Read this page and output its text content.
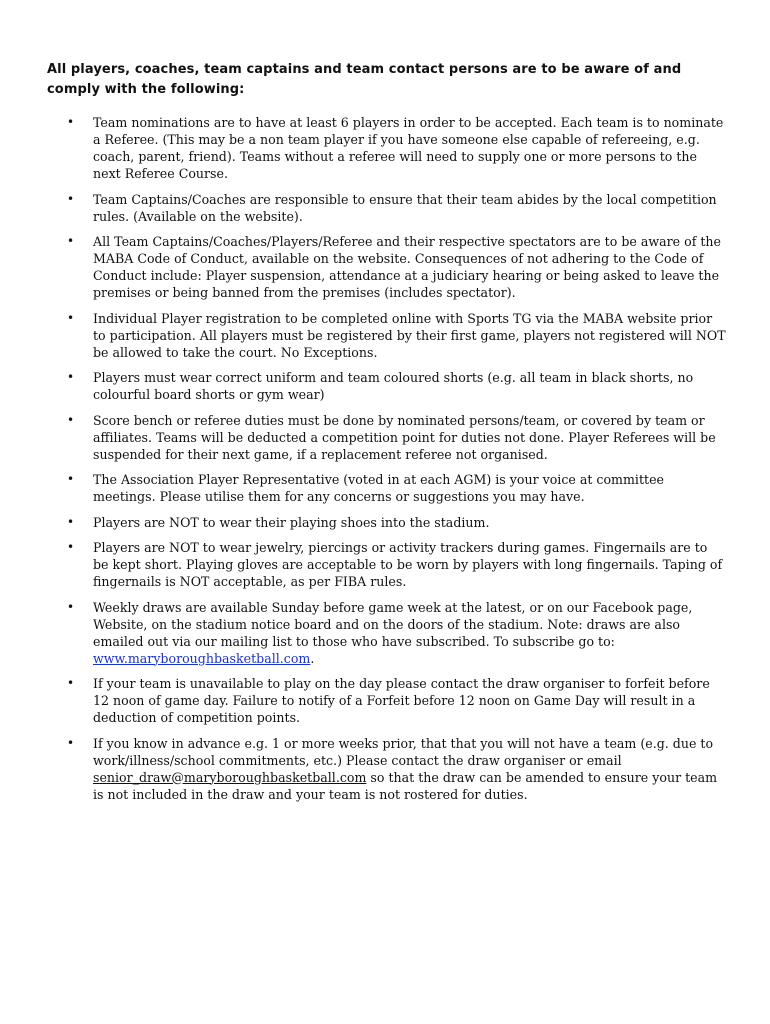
All players, coaches, team captains and team contact persons are to be aware of and comply with the following:

• Team nominations are to have at least 6 players in order to be accepted. Each team is to nominate a Referee. (This may be a non team player if you have someone else capable of refereeing, e.g. coach, parent, friend). Teams without a referee will need to supply one or more persons to the next Referee Course.
• Team Captains/Coaches are responsible to ensure that their team abides by the local competition rules. (Available on the website).
• All Team Captains/Coaches/Players/Referee and their respective spectators are to be aware of the MABA Code of Conduct, available on the website. Consequences of not adhering to the Code of Conduct include: Player suspension, attendance at a judiciary hearing or being asked to leave the premises or being banned from the premises (includes spectator).
• Individual Player registration to be completed online with Sports TG via the MABA website prior to participation. All players must be registered by their first game, players not registered will NOT be allowed to take the court. No Exceptions.
• Players must wear correct uniform and team coloured shorts (e.g. all team in black shorts, no colourful board shorts or gym wear)
• Score bench or referee duties must be done by nominated persons/team, or covered by team or affiliates. Teams will be deducted a competition point for duties not done. Player Referees will be suspended for their next game, if a replacement referee not organised.
• The Association Player Representative (voted in at each AGM) is your voice at committee meetings. Please utilise them for any concerns or suggestions you may have.
• Players are NOT to wear their playing shoes into the stadium.
• Players are NOT to wear jewelry, piercings or activity trackers during games. Fingernails are to be kept short. Playing gloves are acceptable to be worn by players with long fingernails. Taping of fingernails is NOT acceptable, as per FIBA rules.
• Weekly draws are available Sunday before game week at the latest, or on our Facebook page, Website, on the stadium notice board and on the doors of the stadium. Note: draws are also emailed out via our mailing list to those who have subscribed. To subscribe go to: www.maryboroughbasketball.com.
• If your team is unavailable to play on the day please contact the draw organiser to forfeit before 12 noon of game day. Failure to notify of a Forfeit before 12 noon on Game Day will result in a deduction of competition points.
• If you know in advance e.g. 1 or more weeks prior, that that you will not have a team (e.g. due to work/illness/school commitments, etc.) Please contact the draw organiser or email senior_draw@maryboroughbasketball.com so that the draw can be amended to ensure your team is not included in the draw and your team is not rostered for duties.
